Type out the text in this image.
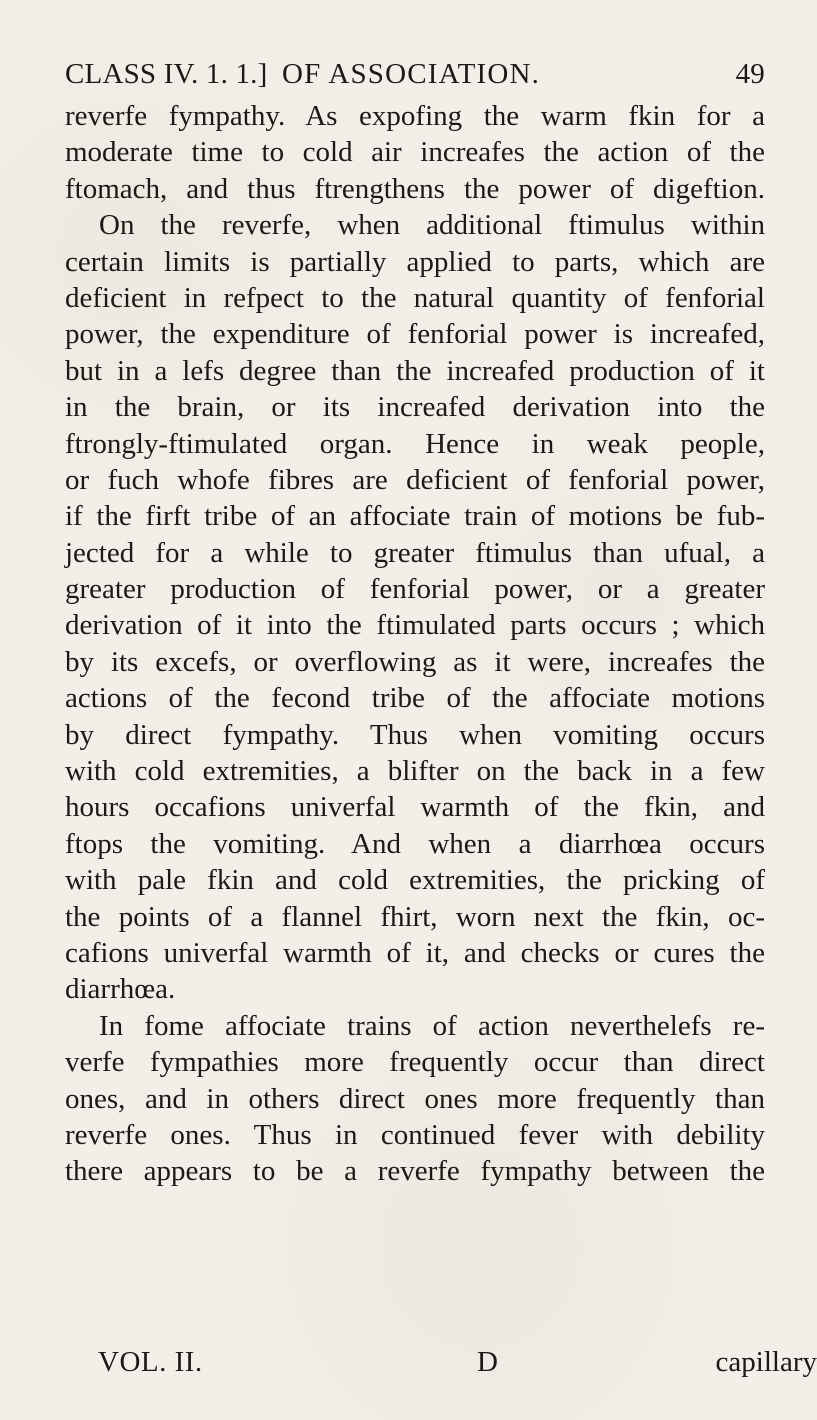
CLASS IV. 1. 1.] OF ASSOCIATION.	49
reverfe fympathy. As expofing the warm fkin for a
moderate time to cold air increafes the action of the
ftomach, and thus ftrengthens the power of digeftion.
On the reverfe, when additional ftimulus within
certain limits is partially applied to parts, which are
deficient in refpect to the natural quantity of fenforial
power, the expenditure of fenforial power is increafed,
but in a lefs degree than the increafed production of it
in the brain, or its increafed derivation into the
ftrongly-ftimulated organ. Hence in weak people,
or fuch whofe fibres are deficient of fenforial power,
if the firft tribe of an affociate train of motions be fub-
jected for a while to greater ftimulus than ufual, a
greater production of fenforial power, or a greater
derivation of it into the ftimulated parts occurs ; which
by its excefs, or overflowing as it were, increafes the
actions of the fecond tribe of the affociate motions
by direct fympathy. Thus when vomiting occurs
with cold extremities, a blifter on the back in a few
hours occafions univerfal warmth of the fkin, and
ftops the vomiting. And when a diarrhœa occurs
with pale fkin and cold extremities, the pricking of
the points of a flannel fhirt, worn next the fkin, oc-
cafions univerfal warmth of it, and checks or cures the
diarrhœa.
In fome affociate trains of action neverthelefs re-
verfe fympathies more frequently occur than direct
ones, and in others direct ones more frequently than
reverfe ones. Thus in continued fever with debility
there appears to be a reverfe fympathy between the
VOL. II.	D	capillary
